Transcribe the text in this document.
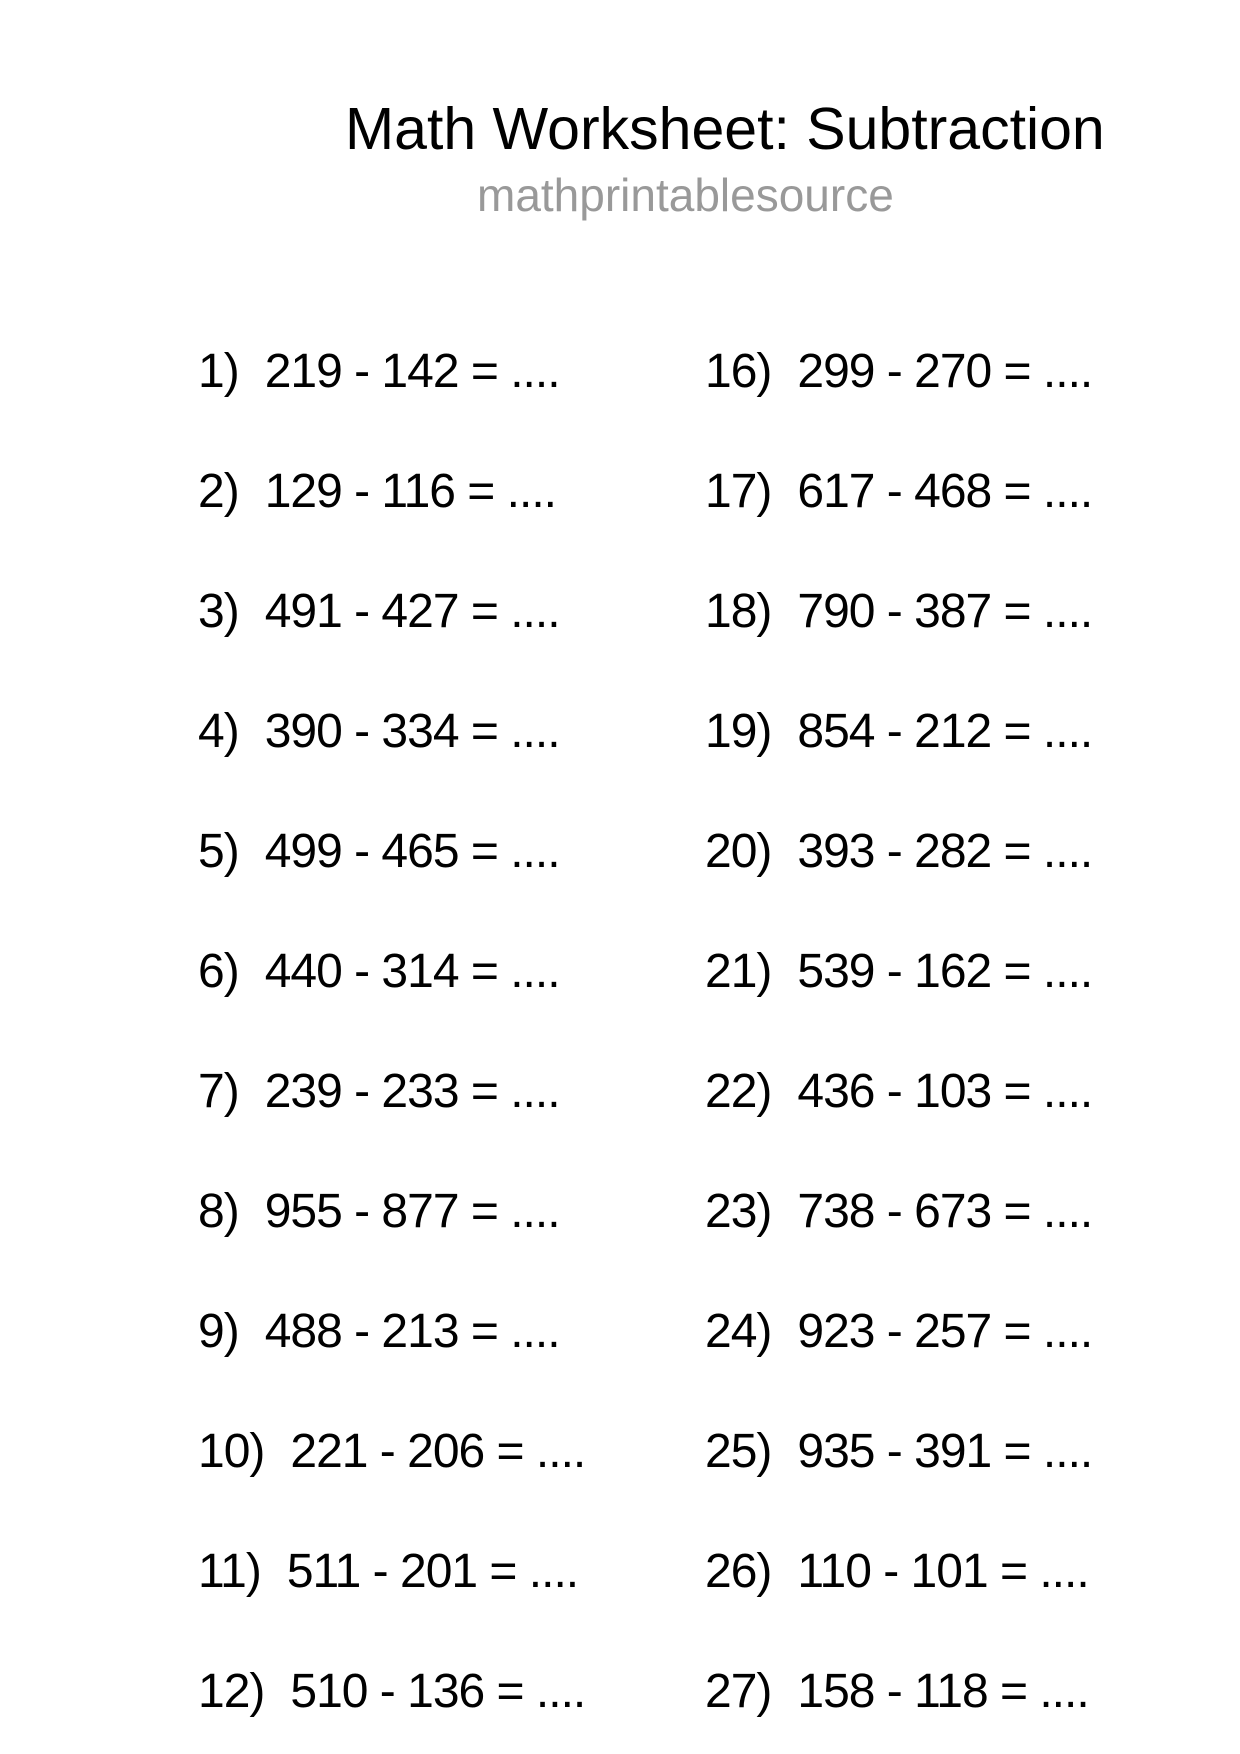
Math Worksheet: Subtraction
mathprintablesource
1) 219 - 142 = ....	16) 299 - 270 = ....
2) 129 - 116 = ....	17) 617 - 468 = ....
3) 491 - 427 = ....	18) 790 - 387 = ....
4) 390 - 334 = ....	19) 854 - 212 = ....
5) 499 - 465 = ....	20) 393 - 282 = ....
6) 440 - 314 = ....	21) 539 - 162 = ....
7) 239 - 233 = ....	22) 436 - 103 = ....
8) 955 - 877 = ....	23) 738 - 673 = ....
9) 488 - 213 = ....	24) 923 - 257 = ....
10) 221 - 206 = .... 25) 935 - 391 = ....
11) 511 - 201 = ....	26) 110 - 101 = ....
12) 510 - 136 = .... 27) 158 - 118 = ....
